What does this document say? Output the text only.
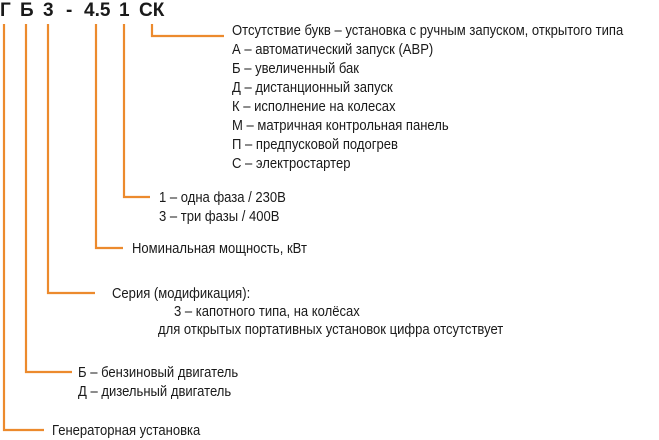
Г Б 3 - 4.5 1 СК
Отсутствие букв – установка с ручным запуском, открытого типа
А – автоматический запуск (АВР)
Б – увеличенный бак
Д – дистанционный запуск
К – исполнение на колесах
М – матричная контрольная панель
П – предпусковой подогрев
С – электростартер
1 – одна фаза / 230В
3 – три фазы / 400В
Номинальная мощность, кВт
Серия (модификация):
3 – капотного типа, на колёсах
для открытых портативных установок цифра отсутствует
Б – бензиновый двигатель
Д – дизельный двигатель
Генераторная установка
